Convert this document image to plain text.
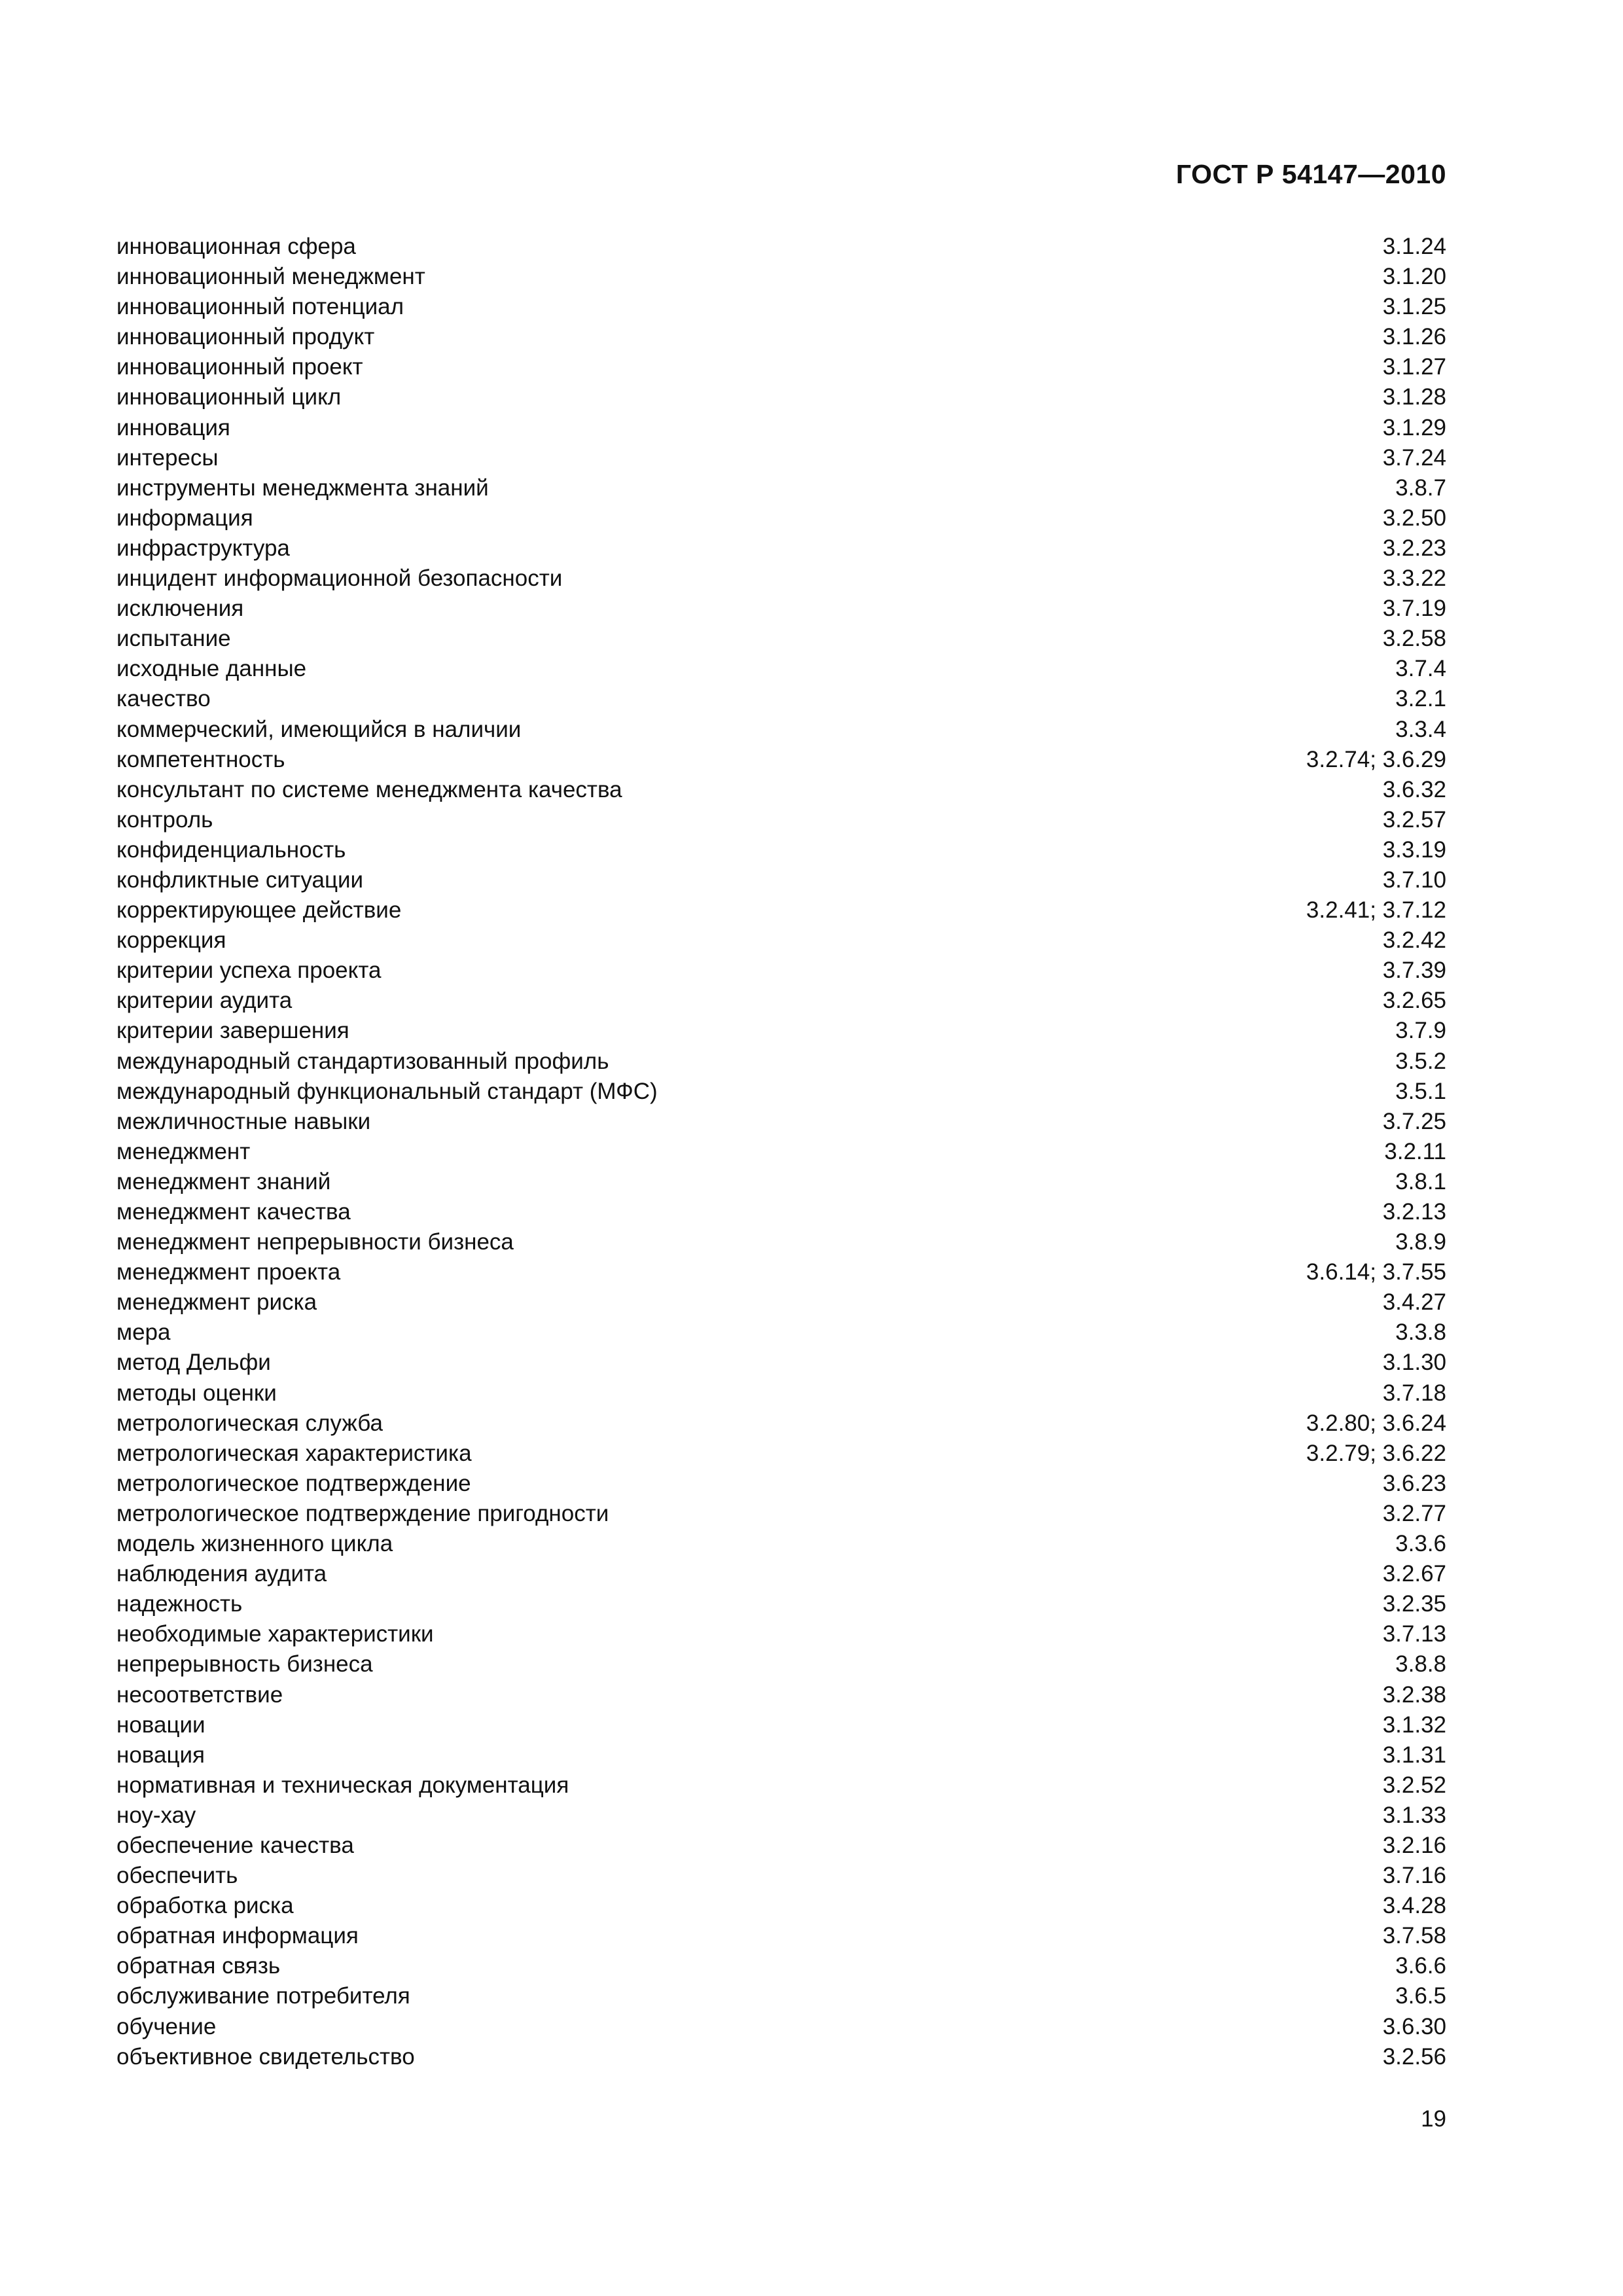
ГОСТ Р 54147—2010
инновационная сфера	3.1.24
инновационный менеджмент	3.1.20
инновационный потенциал	3.1.25
инновационный продукт	3.1.26
инновационный проект	3.1.27
инновационный цикл	3.1.28
инновация	3.1.29
интересы	3.7.24
инструменты менеджмента знаний	3.8.7
информация	3.2.50
инфраструктура	3.2.23
инцидент информационной безопасности	3.3.22
исключения	3.7.19
испытание	3.2.58
исходные данные	3.7.4
качество	3.2.1
коммерческий, имеющийся в наличии	3.3.4
компетентность	3.2.74; 3.6.29
консультант по системе менеджмента качества	3.6.32
контроль	3.2.57
конфиденциальность	3.3.19
конфликтные ситуации	3.7.10
корректирующее действие	3.2.41; 3.7.12
коррекция	3.2.42
критерии успеха проекта	3.7.39
критерии аудита	3.2.65
критерии завершения	3.7.9
международный стандартизованный профиль	3.5.2
международный функциональный стандарт (МФС)	3.5.1
межличностные навыки	3.7.25
менеджмент	3.2.11
менеджмент знаний	3.8.1
менеджмент качества	3.2.13
менеджмент непрерывности бизнеса	3.8.9
менеджмент проекта	3.6.14; 3.7.55
менеджмент риска	3.4.27
мера	3.3.8
метод Дельфи	3.1.30
методы оценки	3.7.18
метрологическая служба	3.2.80; 3.6.24
метрологическая характеристика	3.2.79; 3.6.22
метрологическое подтверждение	3.6.23
метрологическое подтверждение пригодности	3.2.77
модель жизненного цикла	3.3.6
наблюдения аудита	3.2.67
надежность	3.2.35
необходимые характеристики	3.7.13
непрерывность бизнеса	3.8.8
несоответствие	3.2.38
новации	3.1.32
новация	3.1.31
нормативная и техническая документация	3.2.52
ноу-хау	3.1.33
обеспечение качества	3.2.16
обеспечить	3.7.16
обработка риска	3.4.28
обратная информация	3.7.58
обратная связь	3.6.6
обслуживание потребителя	3.6.5
обучение	3.6.30
объективное свидетельство	3.2.56
19
